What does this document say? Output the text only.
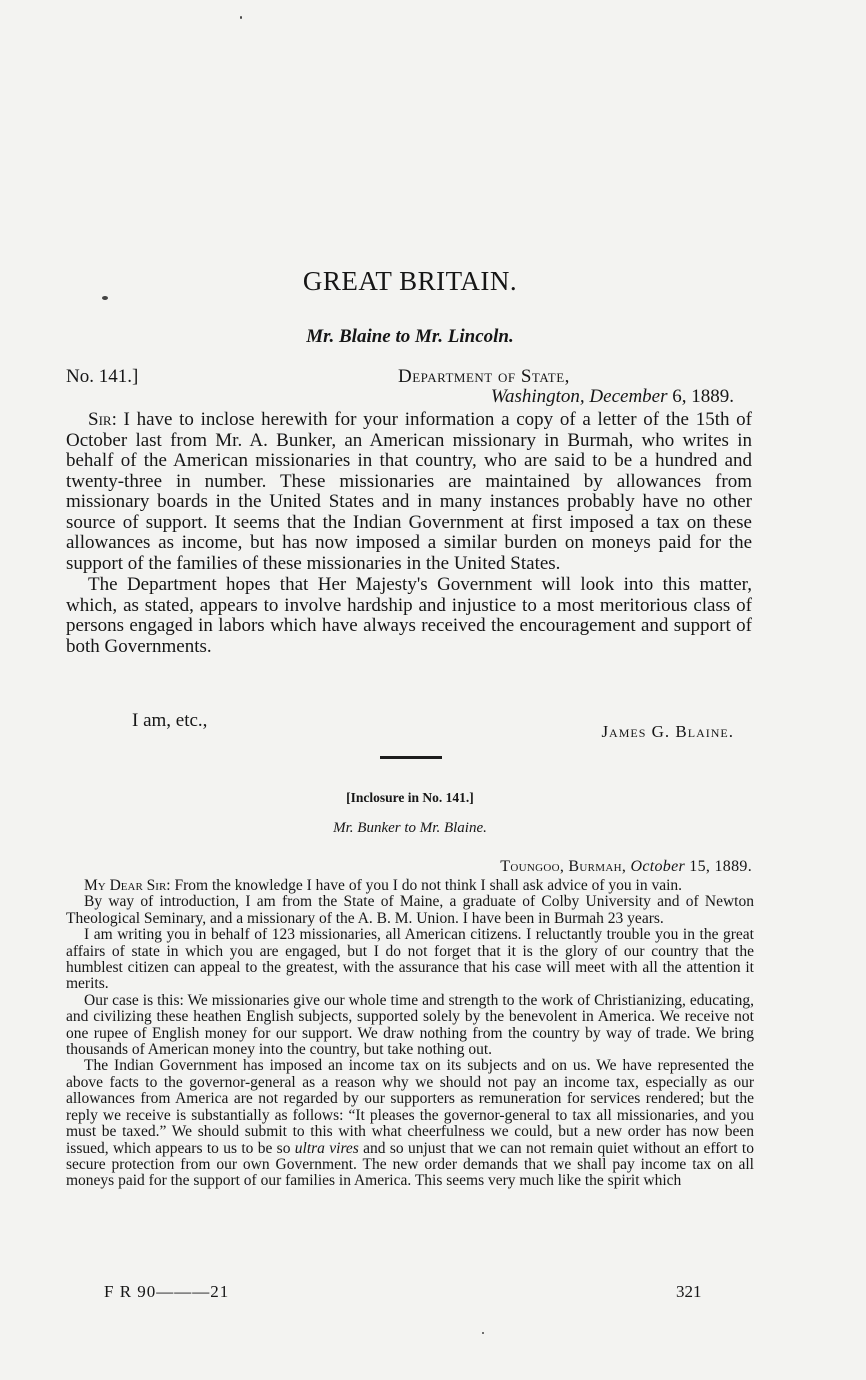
GREAT BRITAIN.
Mr. Blaine to Mr. Lincoln.
No. 141.]	Department of State,
Washington, December 6, 1889.

Sir: I have to inclose herewith for your information a copy of a letter of the 15th of October last from Mr. A. Bunker, an American missionary in Burmah, who writes in behalf of the American missionaries in that country, who are said to be a hundred and twenty-three in number. These missionaries are maintained by allowances from missionary boards in the United States and in many instances probably have no other source of support. It seems that the Indian Government at first imposed a tax on these allowances as income, but has now imposed a similar burden on moneys paid for the support of the families of these missionaries in the United States.

The Department hopes that Her Majesty's Government will look into this matter, which, as stated, appears to involve hardship and injustice to a most meritorious class of persons engaged in labors which have always received the encouragement and support of both Governments.

I am, etc.,
James G. Blaine.
[Inclosure in No. 141.]
Mr. Bunker to Mr. Blaine.
Toungoo, Burmah, October 15, 1889.

My Dear Sir: From the knowledge I have of you I do not think I shall ask advice of you in vain.

By way of introduction, I am from the State of Maine, a graduate of Colby University and of Newton Theological Seminary, and a missionary of the A. B. M. Union. I have been in Burmah 23 years.

I am writing you in behalf of 123 missionaries, all American citizens. I reluctantly trouble you in the great affairs of state in which you are engaged, but I do not forget that it is the glory of our country that the humblest citizen can appeal to the greatest, with the assurance that his case will meet with all the attention it merits.

Our case is this: We missionaries give our whole time and strength to the work of Christianizing, educating, and civilizing these heathen English subjects, supported solely by the benevolent in America. We receive not one rupee of English money for our support. We draw nothing from the country by way of trade. We bring thousands of American money into the country, but take nothing out.

The Indian Government has imposed an income tax on its subjects and on us. We have represented the above facts to the governor-general as a reason why we should not pay an income tax, especially as our allowances from America are not regarded by our supporters as remuneration for services rendered; but the reply we receive is substantially as follows: “It pleases the governor-general to tax all missionaries, and you must be taxed.” We should submit to this with what cheerfulness we could, but a new order has now been issued, which appears to us to be so ultra vires and so unjust that we can not remain quiet without an effort to secure protection from our own Government. The new order demands that we shall pay income tax on all moneys paid for the support of our families in America. This seems very much like the spirit which

F R 90———21	321
